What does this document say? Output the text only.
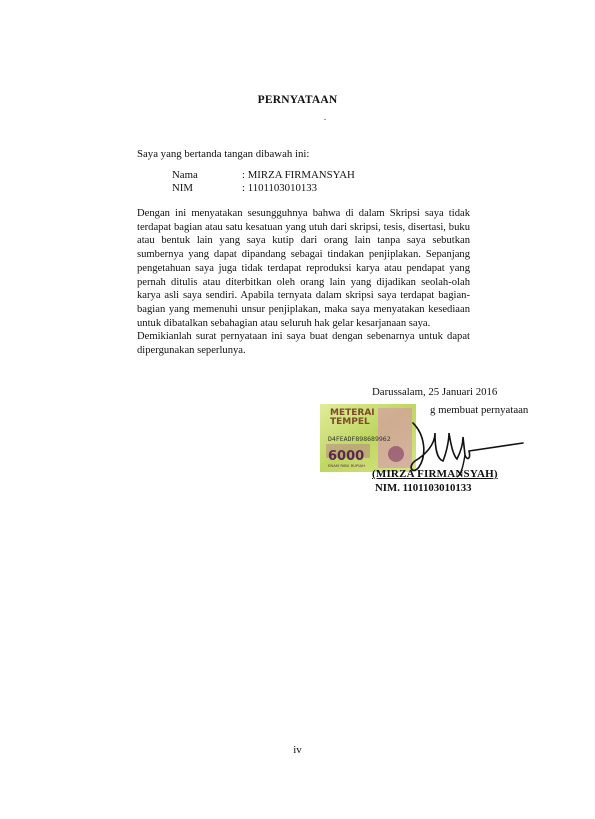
PERNYATAAN
Saya yang bertanda tangan dibawah ini:
Nama	: MIRZA FIRMANSYAH
NIM	: 1101103010133

Dengan ini menyatakan sesungguhnya bahwa di dalam Skripsi saya tidak terdapat bagian atau satu kesatuan yang utuh dari skripsi, tesis, disertasi, buku atau bentuk lain yang saya kutip dari orang lain tanpa saya sebutkan sumbernya yang dapat dipandang sebagai tindakan penjiplakan. Sepanjang pengetahuan saya juga tidak terdapat reproduksi karya atau pendapat yang pernah ditulis atau diterbitkan oleh orang lain yang dijadikan seolah-olah karya asli saya sendiri. Apabila ternyata dalam skripsi saya terdapat bagian-bagian yang memenuhi unsur penjiplakan, maka saya menyatakan kesediaan untuk dibatalkan sebahagian atau seluruh hak gelar kesarjanaan saya.

Demikianlah surat pernyataan ini saya buat dengan sebenarnya untuk dapat dipergunakan seperlunya.

Darussalam, 25 Januari 2016
g membuat pernyataan
METERAI
TEMPEL
D4FEADF898689962
6000
ENAM RIBU RUPIAH
(MIRZA FIRMANSYAH)
NIM. 1101103010133
iv
